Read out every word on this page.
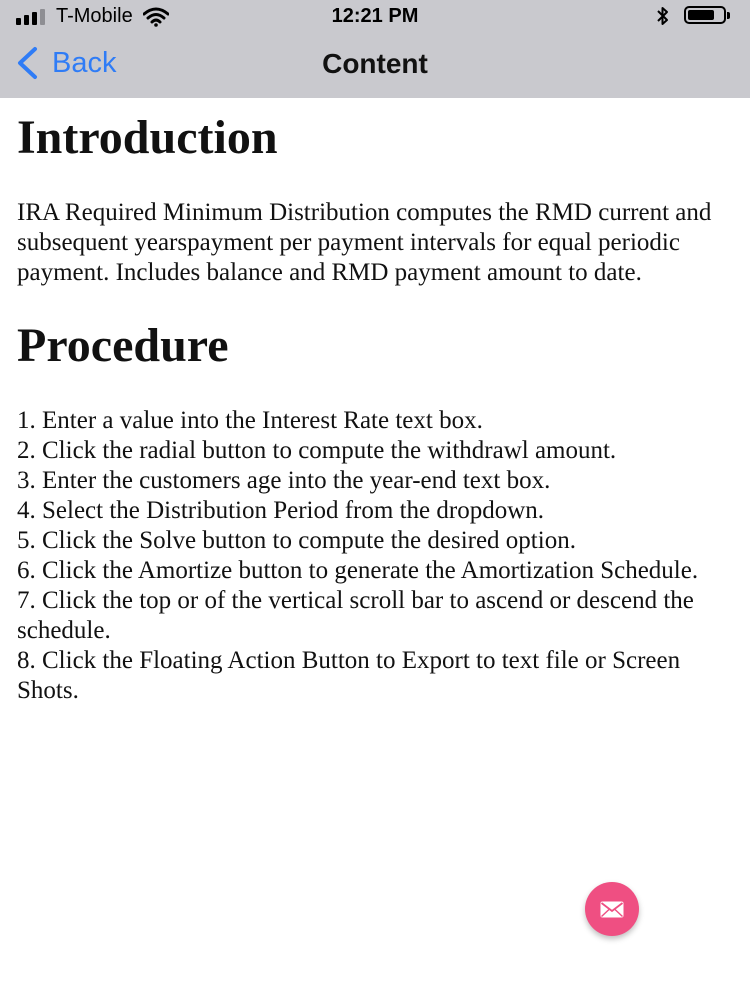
T-Mobile	12:21 PM
Back	Content
Introduction

IRA Required Minimum Distribution computes the RMD current and subsequent yearspayment per payment intervals for equal periodic payment. Includes balance and RMD payment amount to date.

Procedure
1. Enter a value into the Interest Rate text box.
2. Click the radial button to compute the withdrawl amount.
3. Enter the customers age into the year-end text box.
4. Select the Distribution Period from the dropdown.
5. Click the Solve button to compute the desired option.
6. Click the Amortize button to generate the Amortization Schedule.
7. Click the top or of the vertical scroll bar to ascend or descend the schedule.
8. Click the Floating Action Button to Export to text file or Screen Shots.
